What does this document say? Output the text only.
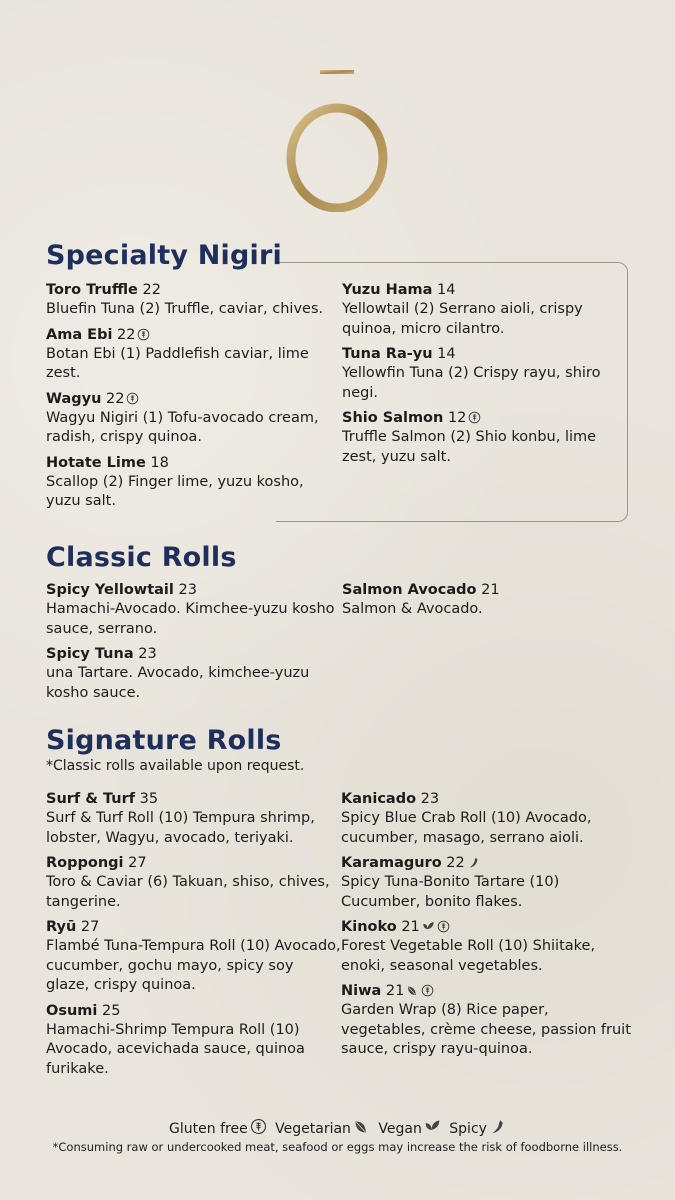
Specialty Nigiri
Toro Truffle 22
Bluefin Tuna (2) Truffle, caviar, chives.
Ama Ebi 22
Botan Ebi (1) Paddlefish caviar, lime zest.
Wagyu 22
Wagyu Nigiri (1) Tofu-avocado cream, radish, crispy quinoa.
Hotate Lime 18
Scallop (2) Finger lime, yuzu kosho, yuzu salt.
Yuzu Hama 14
Yellowtail (2) Serrano aioli, crispy quinoa, micro cilantro.
Tuna Ra-yu 14
Yellowfin Tuna (2) Crispy rayu, shiro negi.
Shio Salmon 12
Truffle Salmon (2) Shio konbu, lime zest, yuzu salt.
Classic Rolls
Spicy Yellowtail 23
Hamachi-Avocado. Kimchee-yuzu kosho sauce, serrano.
Spicy Tuna 23
una Tartare. Avocado, kimchee-yuzu kosho sauce.
Salmon Avocado 21
Salmon & Avocado.
Signature Rolls
*Classic rolls available upon request.
Surf & Turf 35
Surf & Turf Roll (10) Tempura shrimp, lobster, Wagyu, avocado, teriyaki.
Roppongi 27
Toro & Caviar (6) Takuan, shiso, chives, tangerine.
Ryū 27
Flambé Tuna-Tempura Roll (10) Avocado, cucumber, gochu mayo, spicy soy glaze, crispy quinoa.
Osumi 25
Hamachi-Shrimp Tempura Roll (10) Avocado, acevichada sauce, quinoa furikake.
Kanicado 23
Spicy Blue Crab Roll (10) Avocado, cucumber, masago, serrano aioli.
Karamaguro 22
Spicy Tuna-Bonito Tartare (10) Cucumber, bonito flakes.
Kinoko 21
Forest Vegetable Roll (10) Shiitake, enoki, seasonal vegetables.
Niwa 21
Garden Wrap (8) Rice paper, vegetables, crème cheese, passion fruit sauce, crispy rayu-quinoa.
Gluten free Vegetarian Vegan Spicy
*Consuming raw or undercooked meat, seafood or eggs may increase the risk of foodborne illness.
